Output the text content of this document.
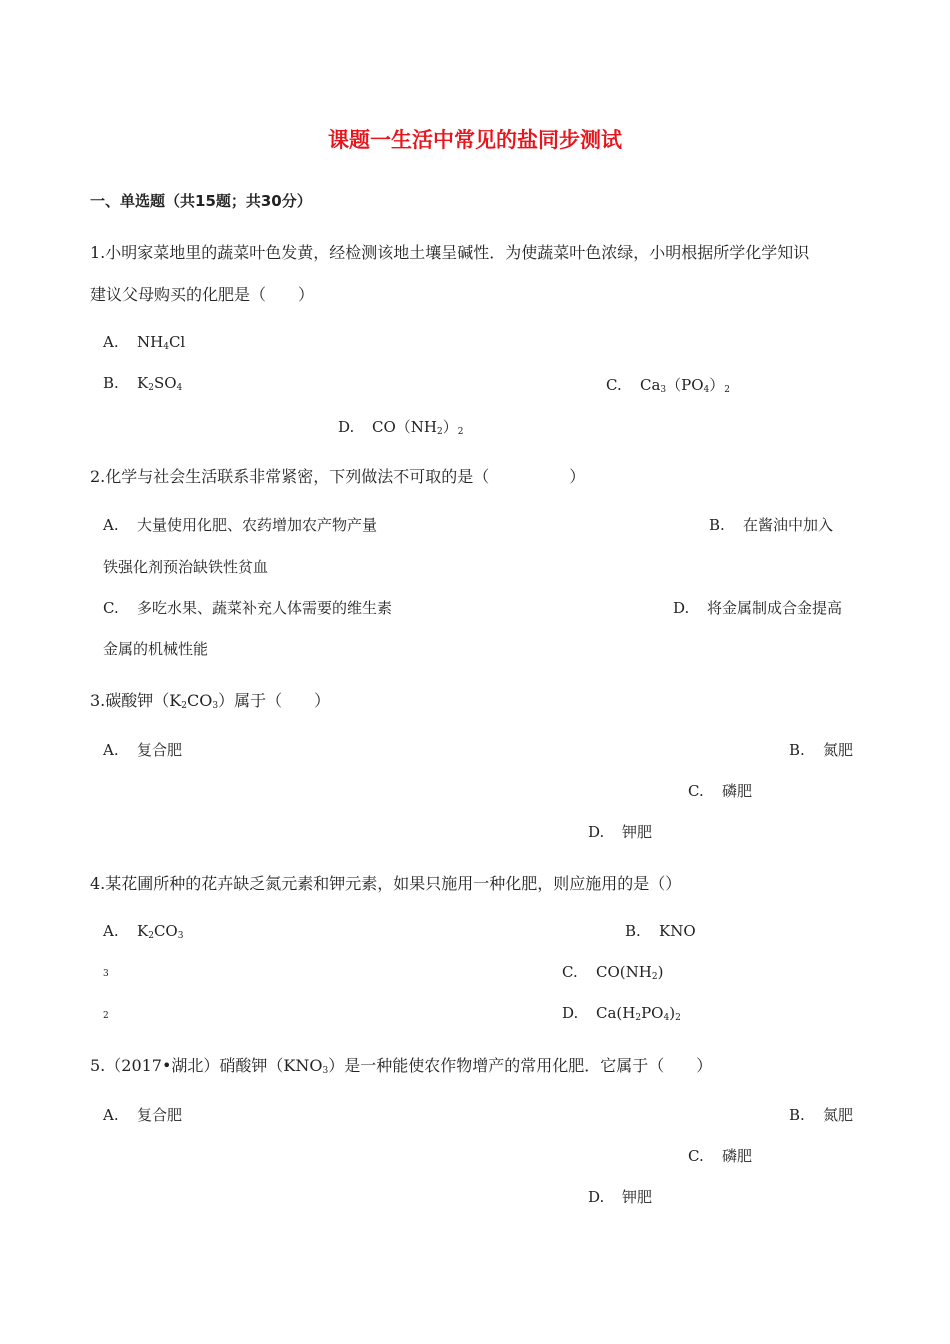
课题一生活中常见的盐同步测试
一、单选题（共15题；共30分）
1.小明家菜地里的蔬菜叶色发黄，经检测该地土壤呈碱性．为使蔬菜叶色浓绿，小明根据所学化学知识
建议父母购买的化肥是（　　）
A. $NH_4Cl$
B. $K_2SO_4$	C. $Ca_3(PO_4)_2$
D. $CO(NH_2)_2$
2.化学与社会生活联系非常紧密，下列做法不可取的是（　　　　　）
A. 大量使用化肥、农药增加农产物产量	B. 在酱油中加入
铁强化剂预治缺铁性贫血
C. 多吃水果、蔬菜补充人体需要的维生素	D. 将金属制成合金提高
金属的机械性能
3.碳酸钾$(K_2CO_3)$属于（　　）
A. 复合肥	B. 氮肥
C. 磷肥
D. 钾肥
4.某花圃所种的花卉缺乏氮元素和钾元素，如果只施用一种化肥，则应施用的是（）
A. $K_2CO_3$	B. KNO
3	C. $CO(NH_2)$
2	D. $Ca(H_2PO_4)_2$
5.（2017•湖北）硝酸钾$(KNO_3)$是一种能使农作物增产的常用化肥．它属于（　　）
A. 复合肥	B. 氮肥
C. 磷肥
D. 钾肥
